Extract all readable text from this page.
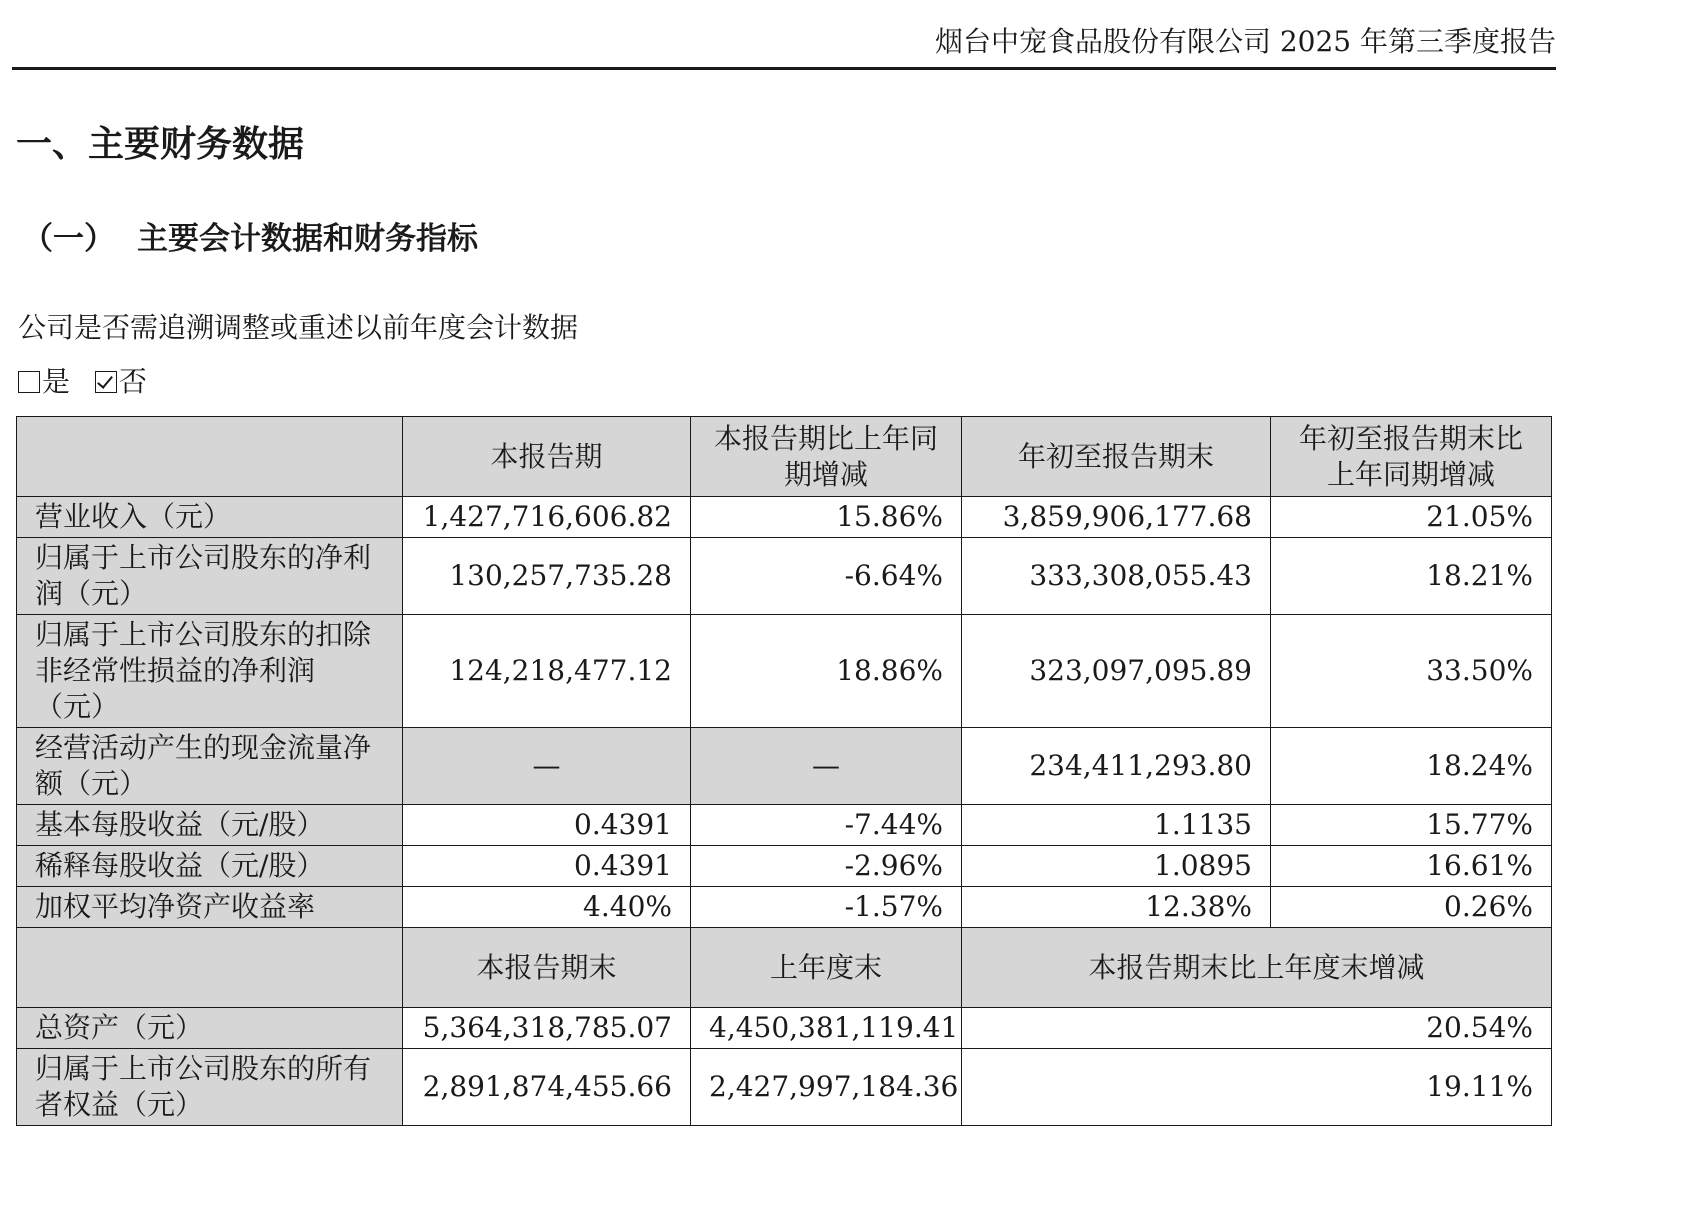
烟台中宠食品股份有限公司 2025 年第三季度报告
一、主要财务数据
（一） 主要会计数据和财务指标
公司是否需追溯调整或重述以前年度会计数据
是 否
	本报告期	本报告期比上年同期增减	年初至报告期末	年初至报告期末比上年同期增减
营业收入（元）	1,427,716,606.82	15.86%	3,859,906,177.68	21.05%
归属于上市公司股东的净利润（元）	130,257,735.28	-6.64%	333,308,055.43	18.21%
归属于上市公司股东的扣除非经常性损益的净利润（元）	124,218,477.12	18.86%	323,097,095.89	33.50%
经营活动产生的现金流量净额（元）	—	—	234,411,293.80	18.24%
基本每股收益（元/股）	0.4391	-7.44%	1.1135	15.77%
稀释每股收益（元/股）	0.4391	-2.96%	1.0895	16.61%
加权平均净资产收益率	4.40%	-1.57%	12.38%	0.26%
	本报告期末	上年度末	本报告期末比上年度末增减	
总资产（元）	5,364,318,785.07	4,450,381,119.41	20.54%	
归属于上市公司股东的所有者权益（元）	2,891,874,455.66	2,427,997,184.36	19.11%	
